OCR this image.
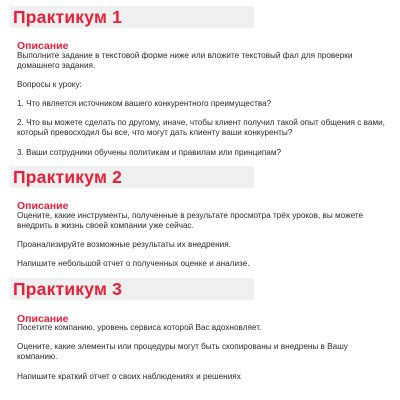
Практикум 1
Описание
Выполните задание в текстовой форме ниже или вложите текстовый фал для проверки домашнего задания.
Вопросы к уроку:
1. Что является источником вашего конкурентного преимущества?
2. Что вы можете сделать по другому, иначе, чтобы клиент получил такой опыт общения с вами, который превосходил бы все, что могут дать клиенту ваши конкуренты?
3. Ваши сотрудники обучены политикам и правилам или принципам?
Практикум 2
Описание
Оцените, какие инструменты, полученные в результате просмотра трёх уроков, вы можете внедрить в жизнь своей компании уже сейчас.
Проанализируйте возможные результаты их внедрения.
Напишите небольшой отчет о полученных оценке и анализе.
Практикум 3
Описание
Посетите компанию, уровень сервиса которой Вас вдохновляет.
Оцените, какие элементы или процедуры могут быть скопированы и внедрены в Вашу компанию.
Напишите краткий отчет о своих наблюдениях и решениях
